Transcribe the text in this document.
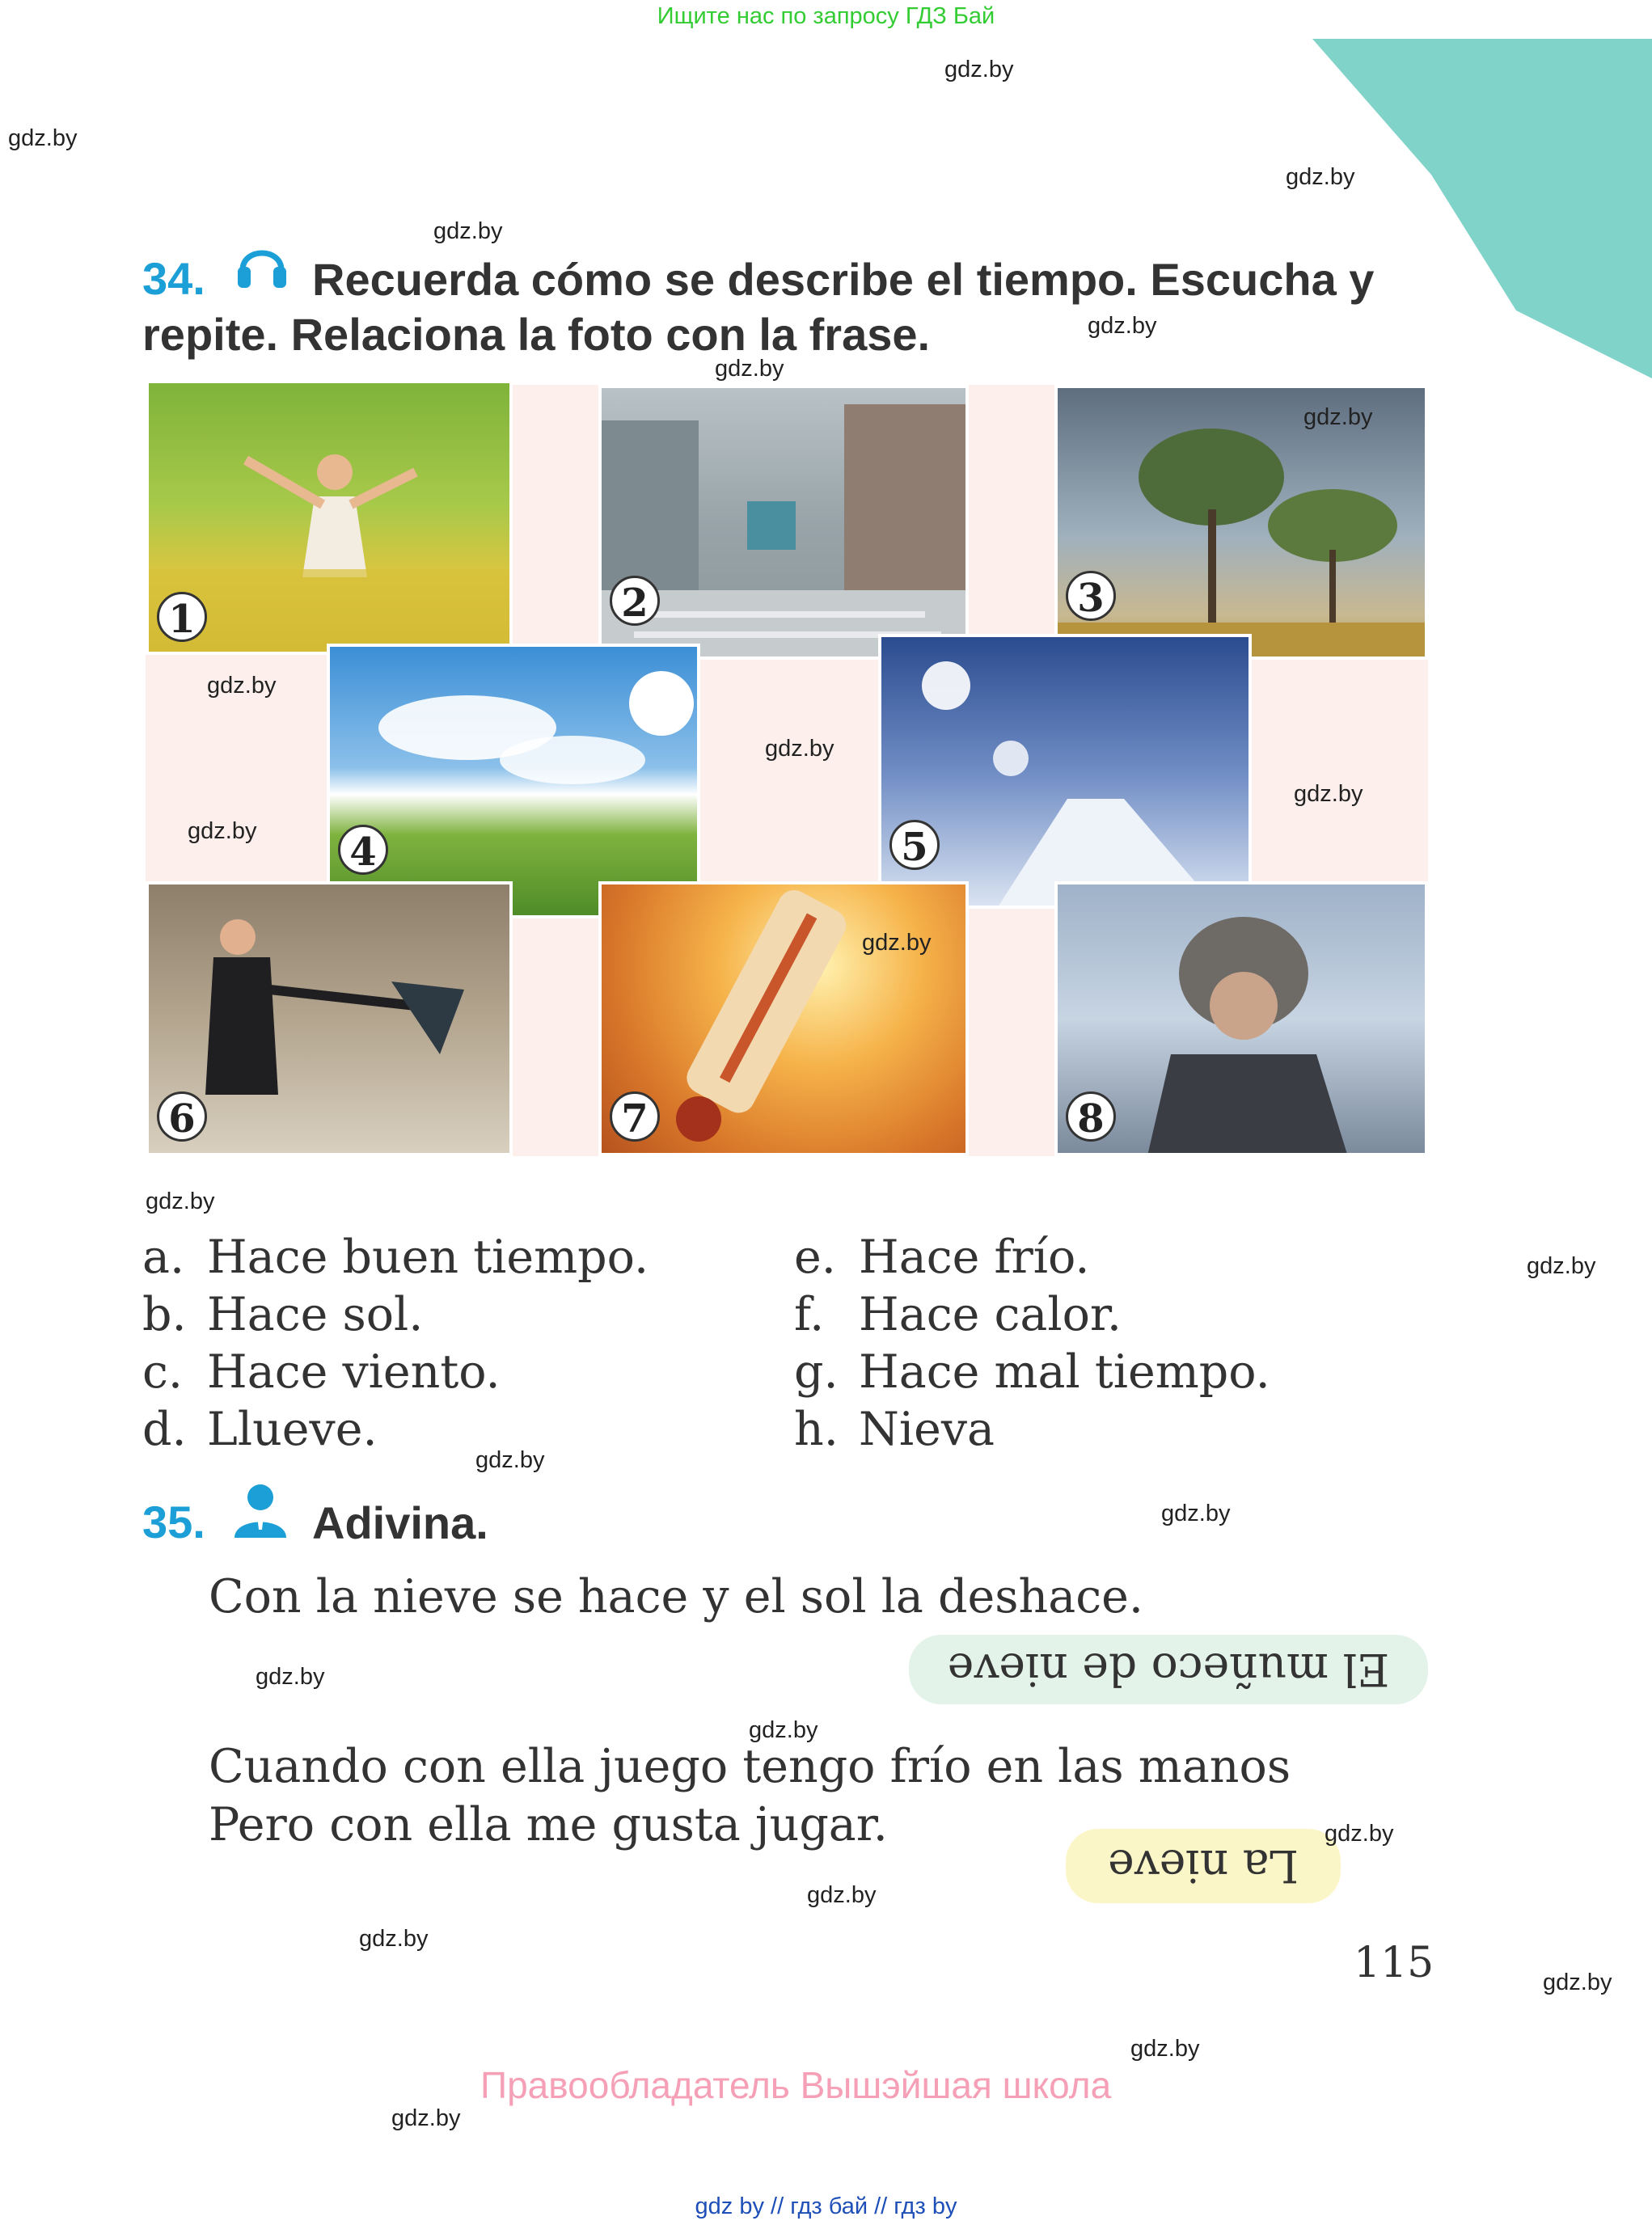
Ищите нас по запросу ГДЗ Бай
gdz.by
gdz.by
gdz.by
gdz.by
gdz.by
gdz.by
34. Recuerda cómo se describe el tiempo. Escucha y
repite. Relaciona la foto con la frase.
1	2	3
4	5
6	7	8
gdz.by
gdz.by
gdz.by
gdz.by
gdz.by
gdz.by
gdz.by
gdz.by
a. Hace buen tiempo.
b. Hace sol.
c. Hace viento.
d. Llueve.
e. Hace frío.
f. Hace calor.
g. Hace mal tiempo.
h. Nieva
gdz.by
gdz.by
35. Adivina.
Con la nieve se hace y el sol la deshace.
El muñeco de nieve
gdz.by
gdz.by
Cuando con ella juego tengo frío en las manos
Pero con ella me gusta jugar.
La nieve
gdz.by
gdz.by
gdz.by	115	gdz.by
gdz.by
Правообладатель Вышэйшая школа
gdz.by
gdz by // гдз бай // гдз by
